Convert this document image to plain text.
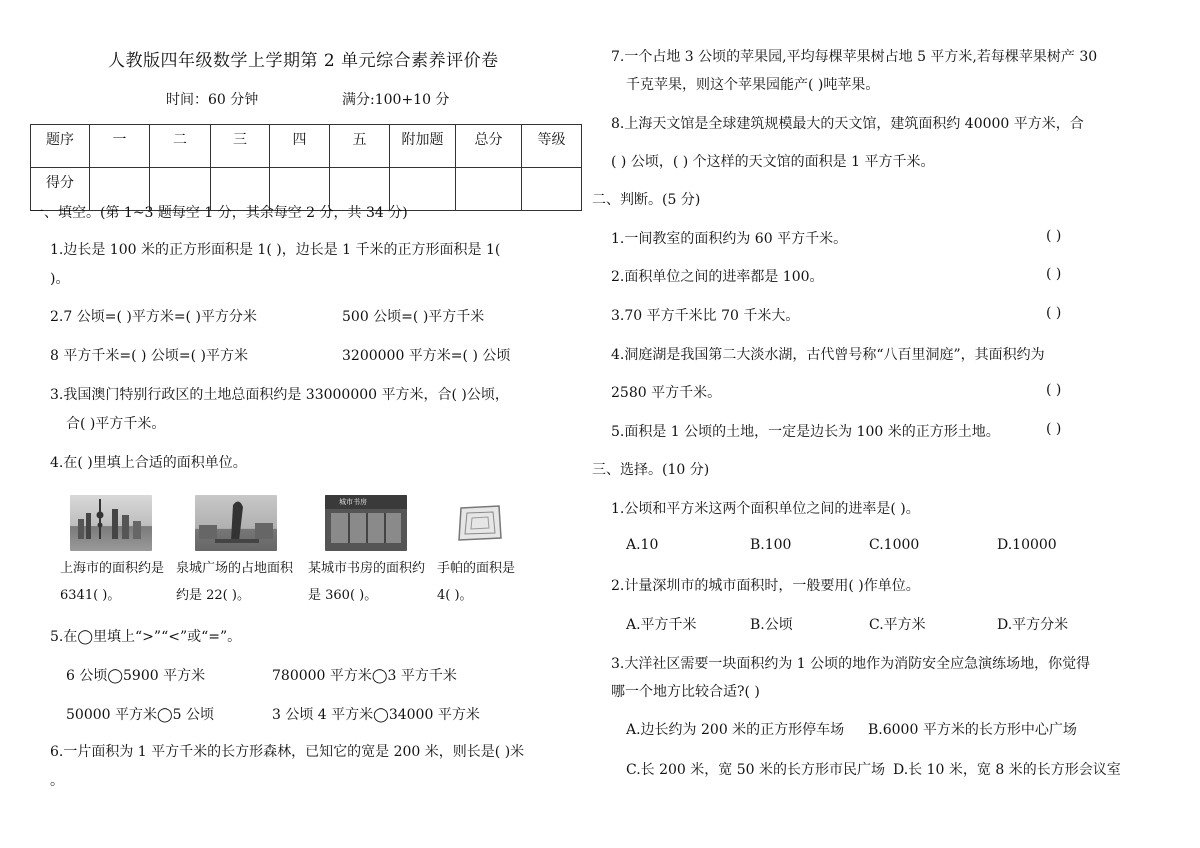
人教版四年级数学上学期第 2 单元综合素养评价卷
时间：60 分钟	满分:100+10 分
题序	一	二	三	四	五	附加题	总分	等级
得分								
一、填空。(第 1~3 题每空 1 分，其余每空 2 分，共 34 分)
1.边长是 100 米的正方形面积是 1( )，边长是 1 千米的正方形面积是 1(
)。
2.7 公顷=( )平方米=( )平方分米	500 公顷=( )平方千米
8 平方千米=( ) 公顷=( )平方米	3200000 平方米=( ) 公顷
3.我国澳门特别行政区的土地总面积约是 33000000 平方米，合( )公顷，
合( )平方千米。
4.在( )里填上合适的面积单位。
城市书房
上海市的面积约是
6341( )。
泉城广场的占地面积
约是 22( )。
某城市书房的面积约
是 360( )。
手帕的面积是
4( )。
5.在◯里填上“>”“<”或“=”。
6 公顷◯5900 平方米	780000 平方米◯3 平方千米
50000 平方米◯5 公顷	3 公顷 4 平方米◯34000 平方米
6.一片面积为 1 平方千米的长方形森林，已知它的宽是 200 米，则长是( )米
。
7.一个占地 3 公顷的苹果园,平均每棵苹果树占地 5 平方米,若每棵苹果树产 30
千克苹果，则这个苹果园能产( )吨苹果。
8.上海天文馆是全球建筑规模最大的天文馆，建筑面积约 40000 平方米，合
( ) 公顷，( ) 个这样的天文馆的面积是 1 平方千米。
二、判断。(5 分)
1.一间教室的面积约为 60 平方千米。	( )
2.面积单位之间的进率都是 100。	( )
3.70 平方千米比 70 千米大。	( )
4.洞庭湖是我国第二大淡水湖，古代曾号称“八百里洞庭”，其面积约为
2580 平方千米。	( )
5.面积是 1 公顷的土地，一定是边长为 100 米的正方形土地。	( )
三、选择。(10 分)
1.公顷和平方米这两个面积单位之间的进率是( )。
A.10	B.100	C.1000	D.10000
2.计量深圳市的城市面积时，一般要用( )作单位。
A.平方千米	B.公顷	C.平方米	D.平方分米
3.大洋社区需要一块面积约为 1 公顷的地作为消防安全应急演练场地，你觉得
哪一个地方比较合适?( )
A.边长约为 200 米的正方形停车场 B.6000 平方米的长方形中心广场
C.长 200 米，宽 50 米的长方形市民广场 D.长 10 米，宽 8 米的长方形会议室
